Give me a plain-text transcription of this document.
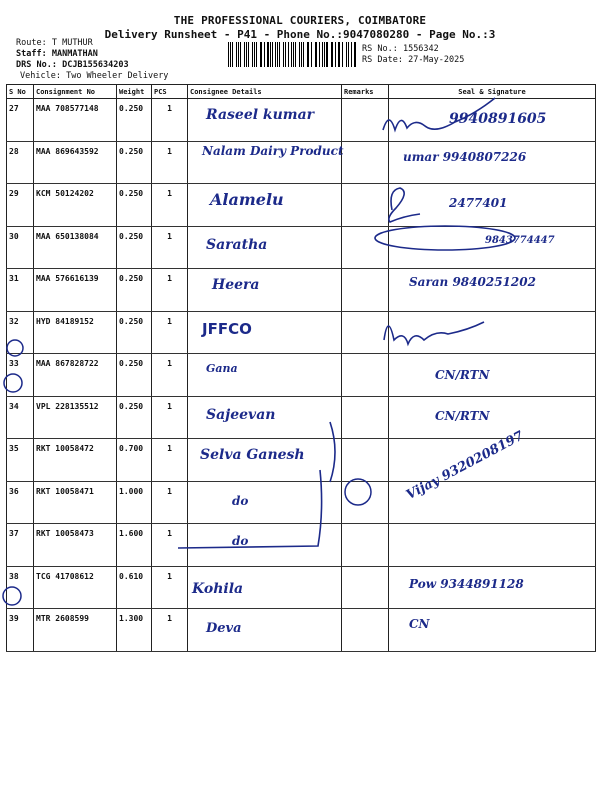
THE PROFESSIONAL COURIERS, COIMBATORE
Delivery Runsheet - P41 - Phone No.:9047080280 - Page No.:3
Route: T MUTHUR
Staff: MANMATHAN
DRS No.: DCJB155634203
Vehicle: Two Wheeler Delivery
RS No.: 1556342
RS Date: 27-May-2025
S No	Consignment No	Weight	PCS	Consignee Details	Remarks	Seal & Signature
27	MAA 708577148	0.250	1	Raseel kumar		9940891605

28	MAA 869643592	0.250	1	Nalam Dairy Product		umar 9940807226

29	KCM 50124202	0.250	1	Alamelu		2477401

30	MAA 650138084	0.250	1	Saratha		9843774447

31	MAA 576616139	0.250	1	Heera		Saran 9840251202

32	HYD 84189152	0.250	1	JFFCO		

33	MAA 867828722	0.250	1	Gana		CN/RTN

34	VPL 228135512	0.250	1	Sajeevan		CN/RTN

35	RKT 10058472	0.700	1	Selva Ganesh		

36	RKT 10058471	1.000	1	do		Vijay 9320208197

37	RKT 10058473	1.600	1	do		

38	TCG 41708612	0.610	1	Kohila		Pow 9344891128

39	MTR 2608599	1.300	1	Deva		CN
